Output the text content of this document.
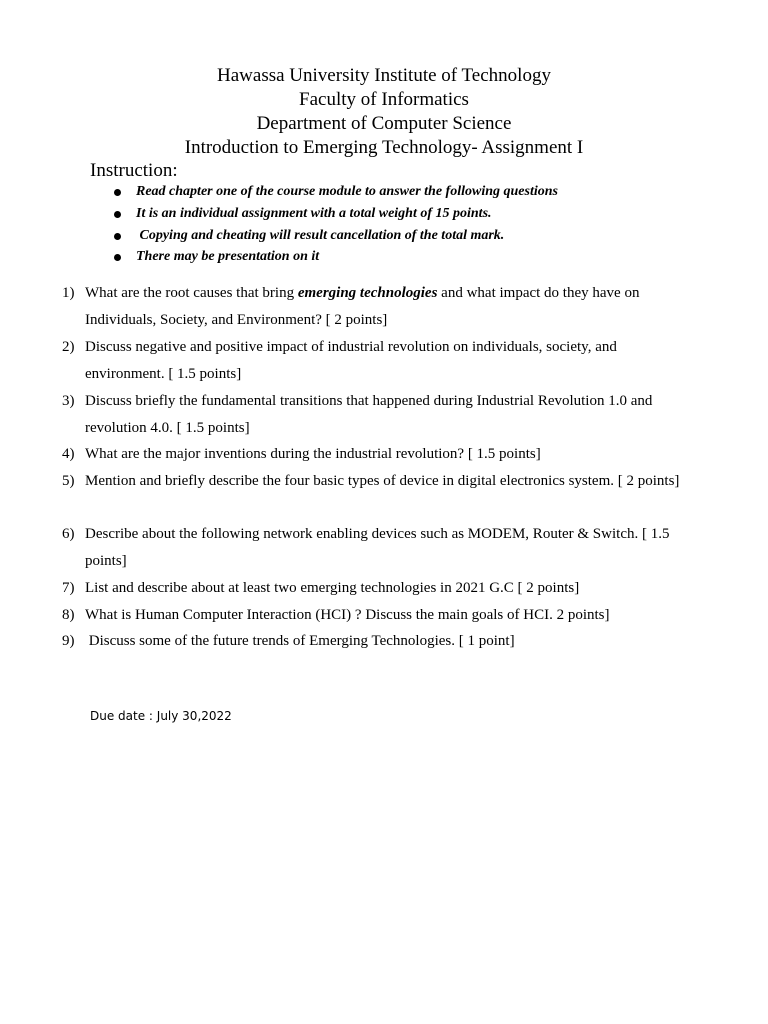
Hawassa University Institute of Technology
Faculty of Informatics
Department of Computer Science
Introduction to Emerging Technology- Assignment I
Instruction:
Read chapter one of the course module to answer the following questions
It is an individual assignment with a total weight of 15 points.
Copying and cheating will result cancellation of the total mark.
There may be presentation on it
1) What are the root causes that bring emerging technologies and what impact do they have on Individuals, Society, and Environment? [ 2 points]
2) Discuss negative and positive impact of industrial revolution on individuals, society, and environment. [ 1.5 points]
3) Discuss briefly the fundamental transitions that happened during Industrial Revolution 1.0 and revolution 4.0. [ 1.5 points]
4) What are the major inventions during the industrial revolution? [ 1.5 points]
5) Mention and briefly describe the four basic types of device in digital electronics system. [ 2 points]
6) Describe about the following network enabling devices such as MODEM, Router & Switch. [ 1.5 points]
7) List and describe about at least two emerging technologies in 2021 G.C [ 2 points]
8) What is Human Computer Interaction (HCI) ? Discuss the main goals of HCI. 2 points]
9) Discuss some of the future trends of Emerging Technologies. [ 1 point]
Due date : July 30,2022
